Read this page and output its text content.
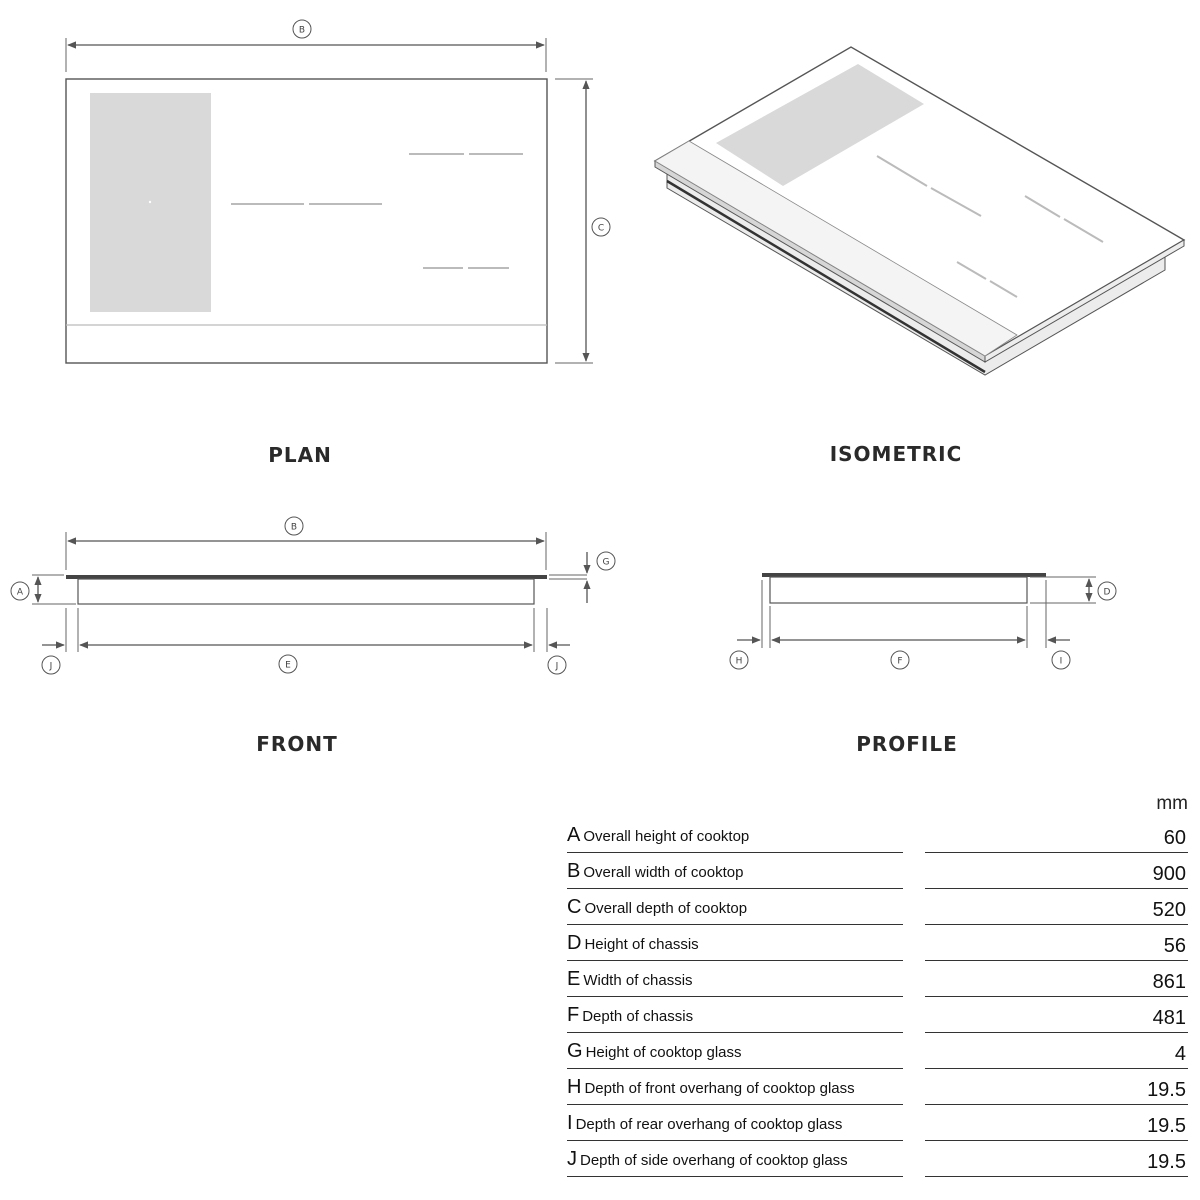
B
C
B
G
A
J	E	J
D
H	F	I
PLAN	ISOMETRIC
FRONT	PROFILE
mm
A Overall height of cooktop	60
B Overall width of cooktop	900
C Overall depth of cooktop	520
D Height of chassis	56
E Width of chassis	861
F Depth of chassis	481
G Height of cooktop glass	4
H Depth of front overhang of cooktop glass	19.5
I Depth of rear overhang of cooktop glass	19.5
J Depth of side overhang of cooktop glass	19.5
